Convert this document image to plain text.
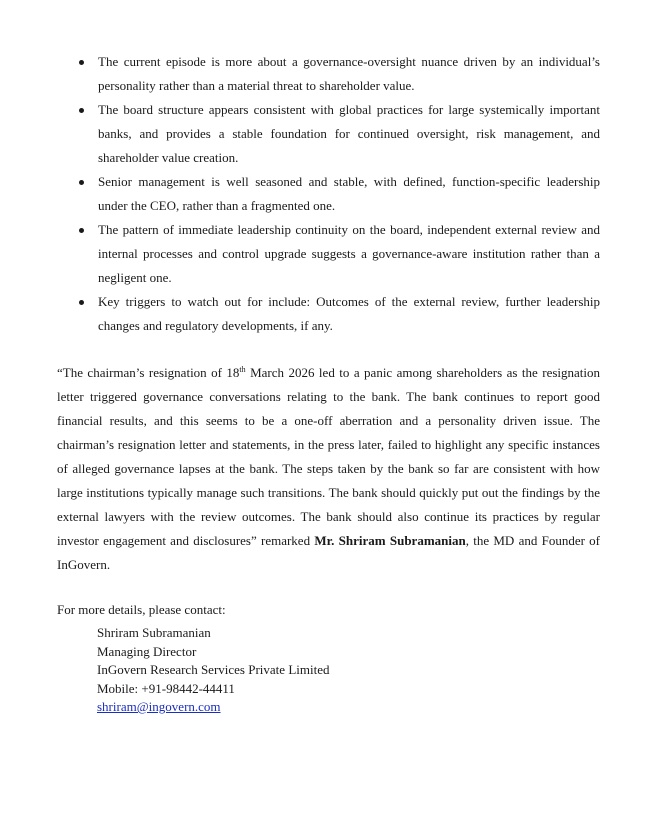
The current episode is more about a governance-oversight nuance driven by an individual’s personality rather than a material threat to shareholder value.
The board structure appears consistent with global practices for large systemically important banks, and provides a stable foundation for continued oversight, risk management, and shareholder value creation.
Senior management is well seasoned and stable, with defined, function-specific leadership under the CEO, rather than a fragmented one.
The pattern of immediate leadership continuity on the board, independent external review and internal processes and control upgrade suggests a governance-aware institution rather than a negligent one.
Key triggers to watch out for include: Outcomes of the external review, further leadership changes and regulatory developments, if any.

“The chairman’s resignation of 18th March 2026 led to a panic among shareholders as the resignation letter triggered governance conversations relating to the bank. The bank continues to report good financial results, and this seems to be a one-off aberration and a personality driven issue. The chairman’s resignation letter and statements, in the press later, failed to highlight any specific instances of alleged governance lapses at the bank. The steps taken by the bank so far are consistent with how large institutions typically manage such transitions. The bank should quickly put out the findings by the external lawyers with the review outcomes. The bank should also continue its practices by regular investor engagement and disclosures” remarked Mr. Shriram Subramanian, the MD and Founder of InGovern.

For more details, please contact:

Shriram Subramanian
Managing Director
InGovern Research Services Private Limited
Mobile: +91-98442-44411
shriram@ingovern.com
